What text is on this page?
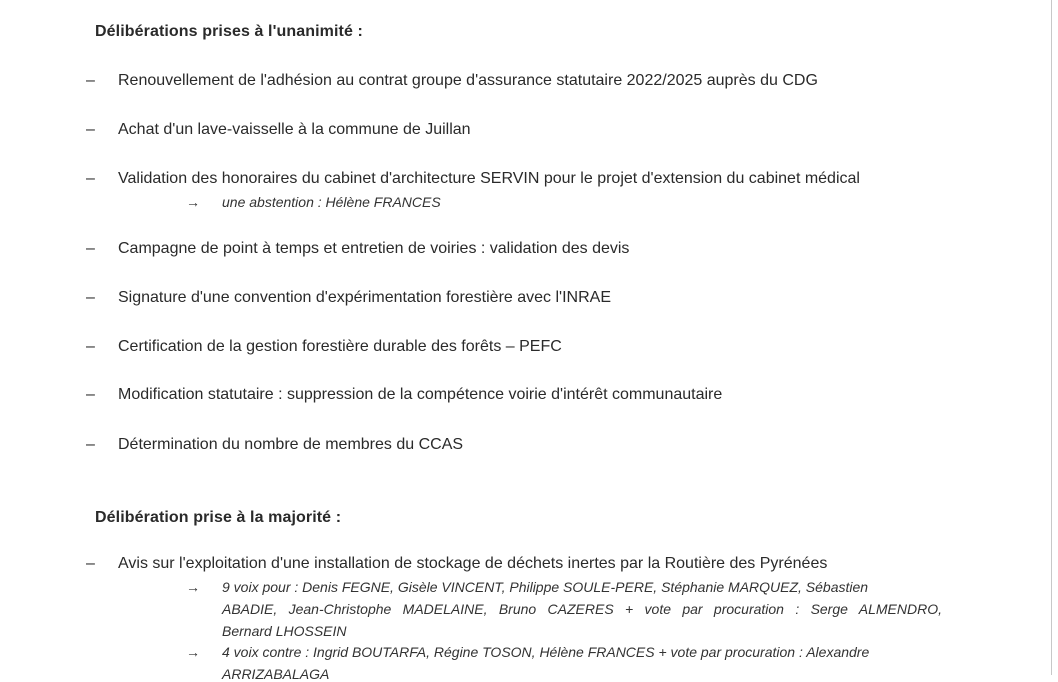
Délibérations prises à l'unanimité :
– Renouvellement de l'adhésion au contrat groupe d'assurance statutaire 2022/2025 auprès du CDG
– Achat d'un lave-vaisselle à la commune de Juillan
– Validation des honoraires du cabinet d'architecture SERVIN pour le projet d'extension du cabinet médical
→ une abstention : Hélène FRANCES
– Campagne de point à temps et entretien de voiries : validation des devis
– Signature d'une convention d'expérimentation forestière avec l'INRAE
– Certification de la gestion forestière durable des forêts – PEFC
– Modification statutaire : suppression de la compétence voirie d'intérêt communautaire
– Détermination du nombre de membres du CCAS
Délibération prise à la majorité :
– Avis sur l'exploitation d'une installation de stockage de déchets inertes par la Routière des Pyrénées
→ 9 voix pour : Denis FEGNE, Gisèle VINCENT, Philippe SOULE-PERE, Stéphanie MARQUEZ, Sébastien
ABADIE, Jean-Christophe MADELAINE, Bruno CAZERES + vote par procuration : Serge ALMENDRO,
Bernard LHOSSEIN
→ 4 voix contre : Ingrid BOUTARFA, Régine TOSON, Hélène FRANCES + vote par procuration : Alexandre
ARRIZABALAGA
